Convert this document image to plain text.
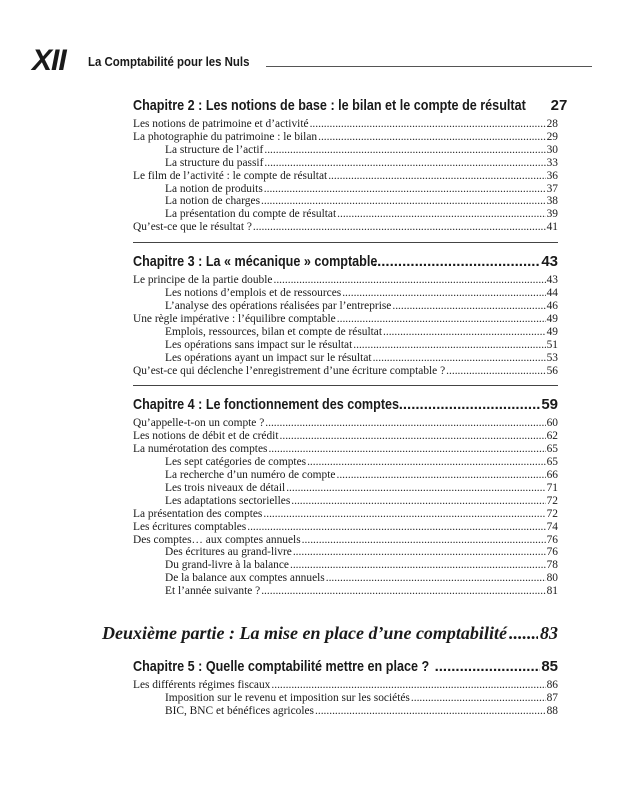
XII La Comptabilité pour les Nuls
Chapitre 2 : Les notions de base : le bilan et le compte de résultat 27
Les notions de patrimoine et d’activité .....	28
La photographie du patrimoine : le bilan .....	29
La structure de l’actif .....	30
La structure du passif .....	33
Le film de l’activité : le compte de résultat .....	36
La notion de produits .....	37
La notion de charges .....	38
La présentation du compte de résultat .....	39
Qu’est-ce que le résultat ? .....	41
Chapitre 3 : La « mécanique » comptable .....	43
Le principe de la partie double .....	43
Les notions d’emplois et de ressources .....	44
L’analyse des opérations réalisées par l’entreprise .....	46
Une règle impérative : l’équilibre comptable .....	49
Emplois, ressources, bilan et compte de résultat .....	49
Les opérations sans impact sur le résultat .....	51
Les opérations ayant un impact sur le résultat .....	53
Qu’est-ce qui déclenche l’enregistrement d’une écriture comptable ? .....	56
Chapitre 4 : Le fonctionnement des comptes .....	59
Qu’appelle-t-on un compte ? .....	60
Les notions de débit et de crédit .....	62
La numérotation des comptes .....	65
Les sept catégories de comptes .....	65
La recherche d’un numéro de compte .....	66
Les trois niveaux de détail .....	71
Les adaptations sectorielles .....	72
La présentation des comptes .....	72
Les écritures comptables .....	74
Des comptes… aux comptes annuels .....	76
Des écritures au grand-livre .....	76
Du grand-livre à la balance .....	78
De la balance aux comptes annuels .....	80
Et l’année suivante ? .....	81
Deuxième partie : La mise en place d’une comptabilité ..... 83
Chapitre 5 : Quelle comptabilité mettre en place ? .....	85
Les différents régimes fiscaux .....	86
Imposition sur le revenu et imposition sur les sociétés .....	87
BIC, BNC et bénéfices agricoles .....	88
